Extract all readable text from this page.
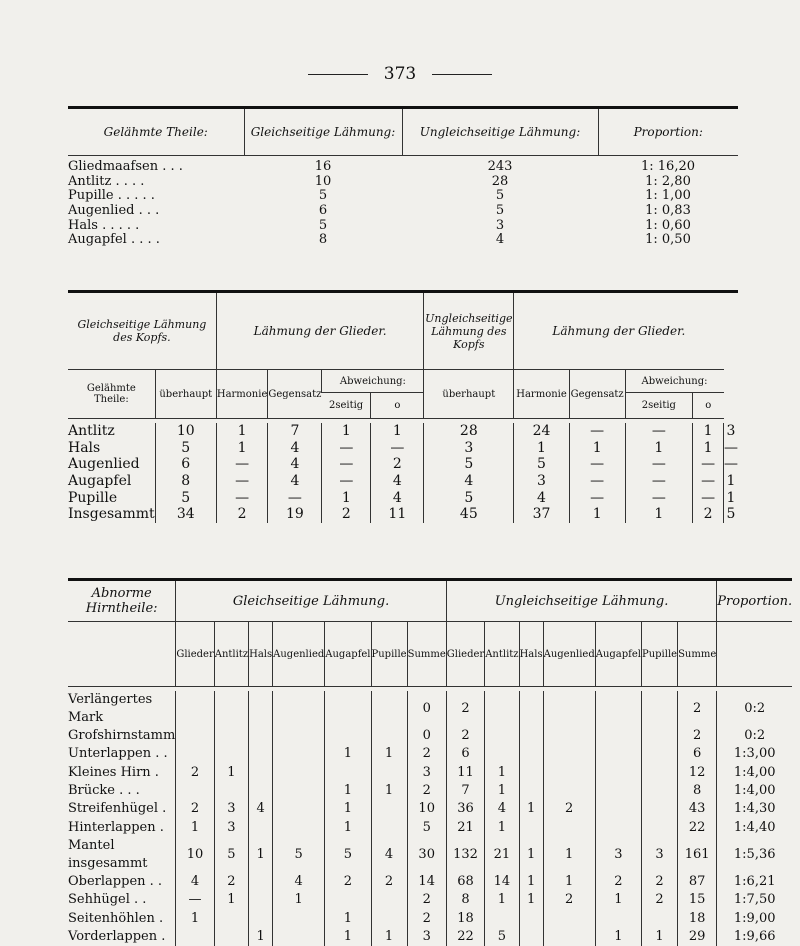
373
Gelähmte Theile:	Gleichseitige Lähmung:	Ungleichseitige Lähmung:	Proportion:

Gliedmaafsen . . .	16	243	1: 16,20
Antlitz . . . .	10	28	1: 2,80
Pupille . . . . .	5	5	1: 1,00
Augenlied . . .	6	5	1: 0,83
Hals . . . . .	5	3	1: 0,60
Augapfel . . . .	8	4	1: 0,50
Gleichseitige Lähmung des Kopfs.		Lähmung der Glieder.				Ungleichseitige Lähmung des Kopfs	Lähmung der Glieder.				
Gelähmte Theile:	überhaupt	Harmonie	Gegensatz	Abweichung:		überhaupt	Harmonie	Gegensatz	Abweichung:		
				2seitig	o				2seitig	o	

Antlitz	10	1	7	1	1	28	24	—	—	1	3
Hals	5	1	4	—	—	3	1	1	1	1	—
Augenlied	6	—	4	—	2	5	5	—	—	—	—
Augapfel	8	—	4	—	4	4	3	—	—	—	1
Pupille	5	—	—	1	4	5	4	—	—	—	1
Insgesammt	34	2	19	2	11	45	37	1	1	2	5
Abnorme Hirntheile:	Gleichseitige Lähmung.							Ungleichseitige Lähmung.							Proportion.
	Glieder	Antlitz	Hals	Augenlied	Augapfel	Pupille	Summe	Glieder	Antlitz	Hals	Augenlied	Augapfel	Pupille	Summe	

Verlängertes Mark							0	2						2	0:2
Grofshirnstamm							0	2						2	0:2
Unterlappen . .					1	1	2	6						6	1:3,00
Kleines Hirn .	2	1					3	11	1					12	1:4,00
Brücke . . .					1	1	2	7	1					8	1:4,00
Streifenhügel .	2	3	4		1		10	36	4	1	2			43	1:4,30
Hinterlappen .	1	3			1		5	21	1					22	1:4,40
Mantel insgesammt	10	5	1	5	5	4	30	132	21	1	1	3	3	161	1:5,36
Oberlappen . .	4	2		4	2	2	14	68	14	1	1	2	2	87	1:6,21
Sehhügel . .	—	1		1			2	8	1	1	2	1	2	15	1:7,50
Seitenhöhlen .	1				1		2	18						18	1:9,00
Vorderlappen .			1		1	1	3	22	5			1	1	29	1:9,66
